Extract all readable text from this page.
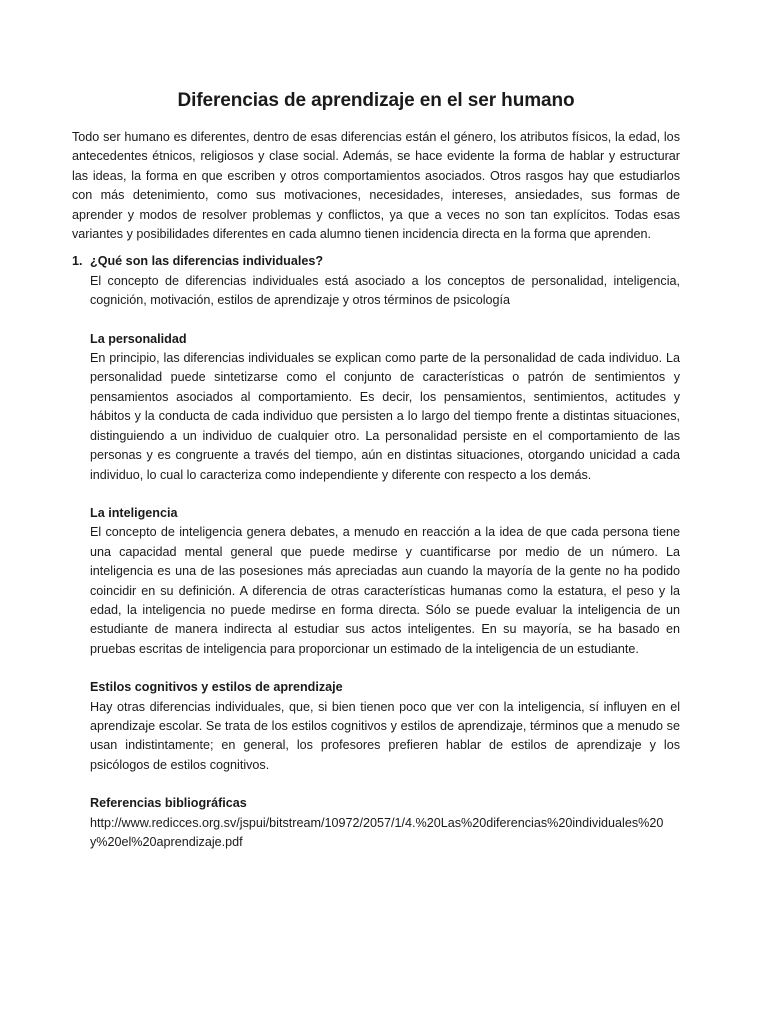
Diferencias de aprendizaje en el ser humano

Todo ser humano es diferentes, dentro de esas diferencias están el género, los atributos físicos, la edad, los antecedentes étnicos, religiosos y clase social. Además, se hace evidente la forma de hablar y estructurar las ideas, la forma en que escriben y otros comportamientos asociados. Otros rasgos hay que estudiarlos con más detenimiento, como sus motivaciones, necesidades, intereses, ansiedades, sus formas de aprender y modos de resolver problemas y conflictos, ya que a veces no son tan explícitos. Todas esas variantes y posibilidades diferentes en cada alumno tienen incidencia directa en la forma que aprenden.

1. ¿Qué son las diferencias individuales?

El concepto de diferencias individuales está asociado a los conceptos de personalidad, inteligencia, cognición, motivación, estilos de aprendizaje y otros términos de psicología

La personalidad

En principio, las diferencias individuales se explican como parte de la personalidad de cada individuo. La personalidad puede sintetizarse como el conjunto de características o patrón de sentimientos y pensamientos asociados al comportamiento. Es decir, los pensamientos, sentimientos, actitudes y hábitos y la conducta de cada individuo que persisten a lo largo del tiempo frente a distintas situaciones, distinguiendo a un individuo de cualquier otro. La personalidad persiste en el comportamiento de las personas y es congruente a través del tiempo, aún en distintas situaciones, otorgando unicidad a cada individuo, lo cual lo caracteriza como independiente y diferente con respecto a los demás.

La inteligencia

El concepto de inteligencia genera debates, a menudo en reacción a la idea de que cada persona tiene una capacidad mental general que puede medirse y cuantificarse por medio de un número. La inteligencia es una de las posesiones más apreciadas aun cuando la mayoría de la gente no ha podido coincidir en su definición. A diferencia de otras características humanas como la estatura, el peso y la edad, la inteligencia no puede medirse en forma directa. Sólo se puede evaluar la inteligencia de un estudiante de manera indirecta al estudiar sus actos inteligentes. En su mayoría, se ha basado en pruebas escritas de inteligencia para proporcionar un estimado de la inteligencia de un estudiante.

Estilos cognitivos y estilos de aprendizaje

Hay otras diferencias individuales, que, si bien tienen poco que ver con la inteligencia, sí influyen en el aprendizaje escolar. Se trata de los estilos cognitivos y estilos de aprendizaje, términos que a menudo se usan indistintamente; en general, los profesores prefieren hablar de estilos de aprendizaje y los psicólogos de estilos cognitivos.

Referencias bibliográficas
http://www.redicces.org.sv/jspui/bitstream/10972/2057/1/4.%20Las%20diferencias%20individuales%20y%20el%20aprendizaje.pdf
